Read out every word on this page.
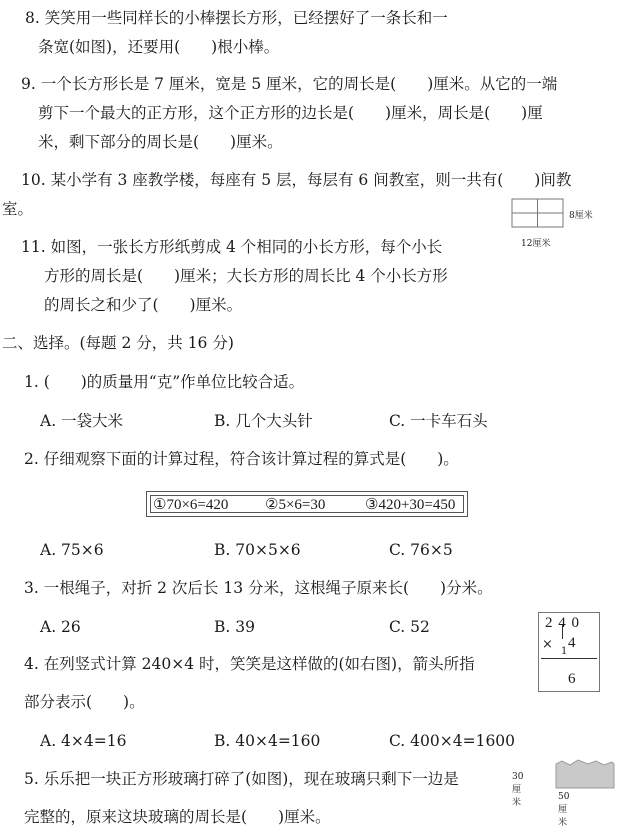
8. 笑笑用一些同样长的小棒摆长方形，已经摆好了一条长和一
条宽(如图)，还要用(　　)根小棒。
9. 一个长方形长是 7 厘米，宽是 5 厘米，它的周长是(　　)厘米。从它的一端
剪下一个最大的正方形，这个正方形的边长是(　　)厘米，周长是(　　)厘
米，剩下部分的周长是(　　)厘米。
10. 某小学有 3 座教学楼，每座有 5 层，每层有 6 间教室，则一共有(　　)间教
室。	8厘米
12厘米
11. 如图，一张长方形纸剪成 4 个相同的小长方形，每个小长
方形的周长是(　　)厘米；大长方形的周长比 4 个小长方形
的周长之和少了(　　)厘米。
二、选择。(每题 2 分，共 16 分)
1. (　　)的质量用“克”作单位比较合适。
A. 一袋大米	B. 几个大头针	C. 一卡车石头
2. 仔细观察下面的计算过程，符合该计算过程的算式是(　　)。
①70×6=420 ②5×6=30	③420+30=450
A. 75×6	B. 70×5×6	C. 76×5
3. 一根绳子，对折 2 次后长 13 分米，这根绳子原来长(　　)分米。
A. 26	B. 39	C. 52	2 4 0
× 1
4
6
4. 在列竖式计算 240×4 时，笑笑是这样做的(如右图)，箭头所指
部分表示(　　)。
A. 4×4=16	B. 40×4=160	C. 400×4=1600
30厘米
50厘米
5. 乐乐把一块正方形玻璃打碎了(如图)，现在玻璃只剩下一边是
完整的，原来这块玻璃的周长是(　　)厘米。
